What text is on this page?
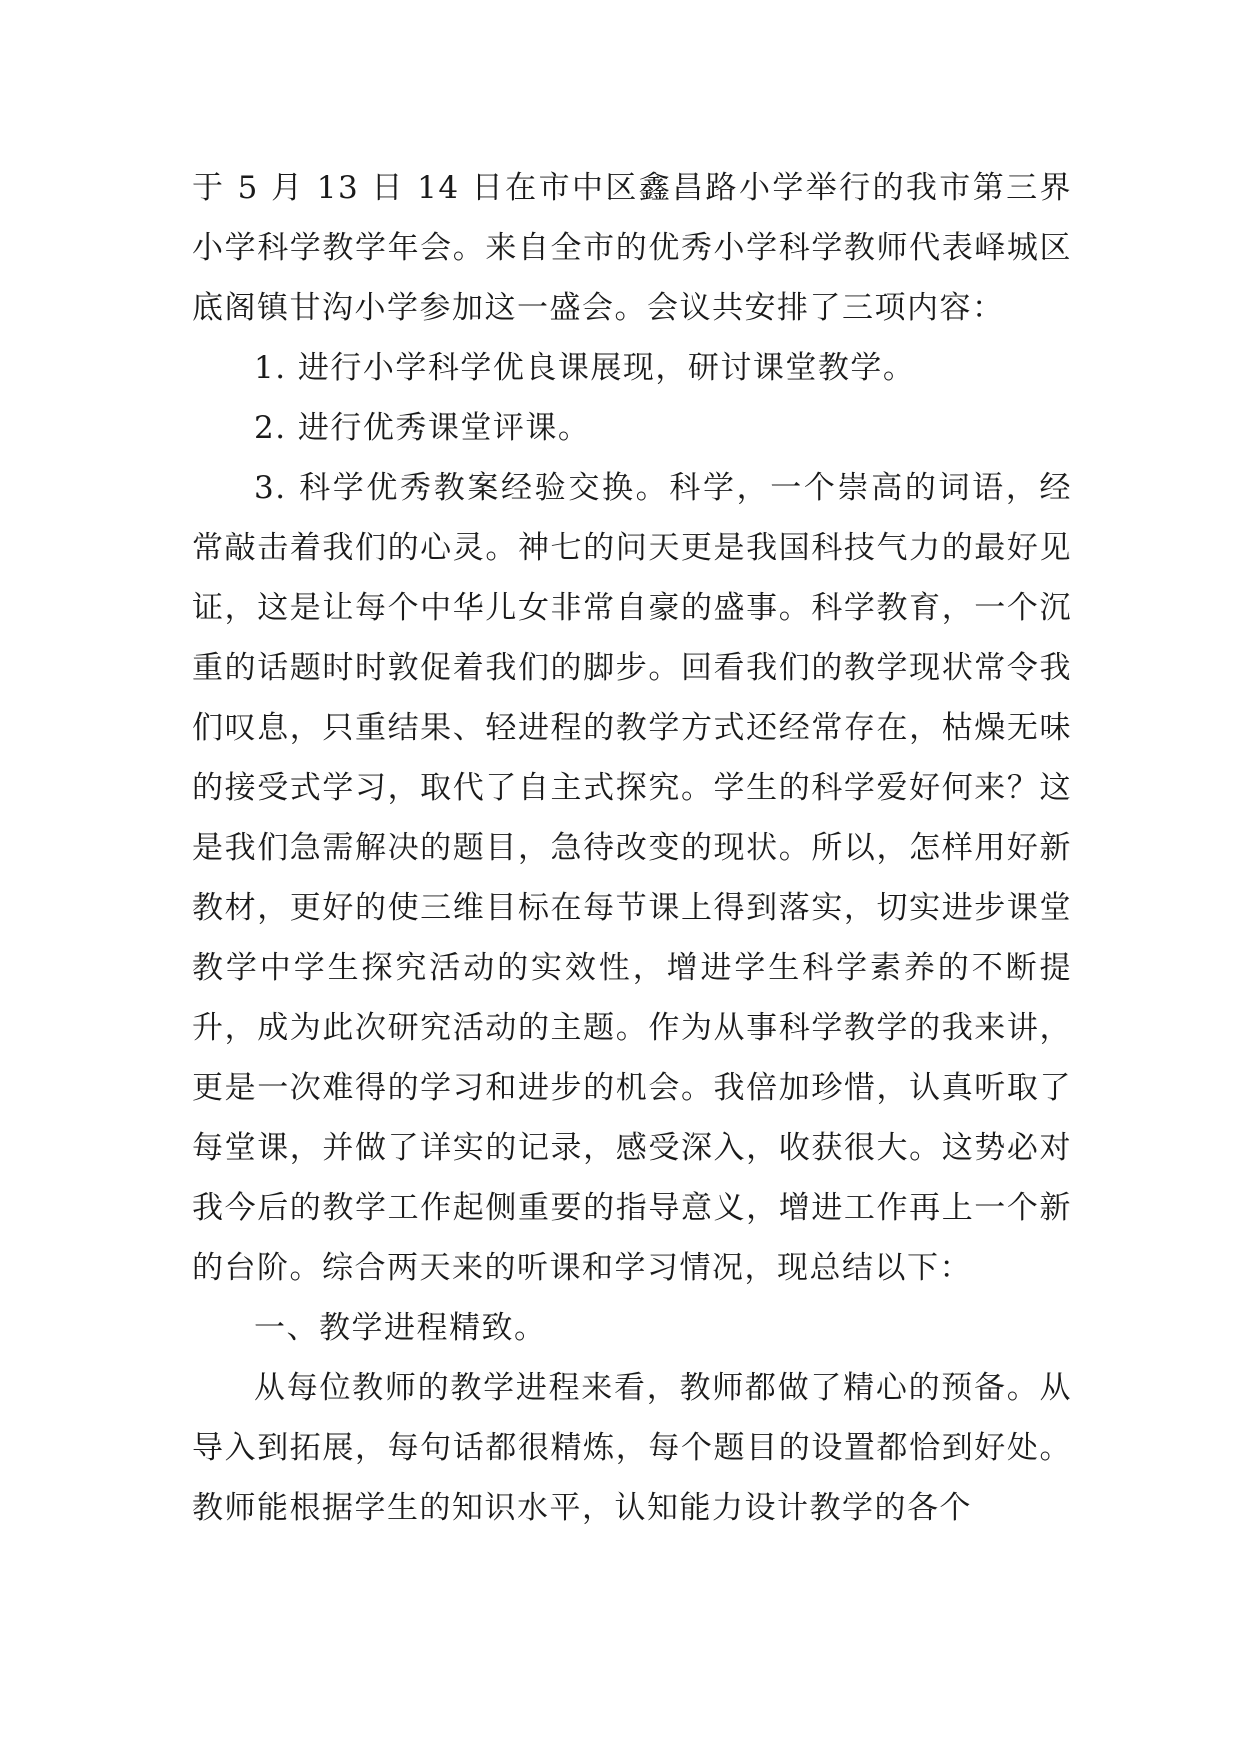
于 5 月 13 日 14 日在市中区鑫昌路小学举行的我市第三界小学科学教学年会。来自全市的优秀小学科学教师代表峄城区底阁镇甘沟小学参加这一盛会。会议共安排了三项内容：

1. 进行小学科学优良课展现，研讨课堂教学。

2. 进行优秀课堂评课。

3. 科学优秀教案经验交换。科学，一个崇高的词语，经常敲击着我们的心灵。神七的问天更是我国科技气力的最好见证，这是让每个中华儿女非常自豪的盛事。科学教育，一个沉重的话题时时敦促着我们的脚步。回看我们的教学现状常令我们叹息，只重结果、轻进程的教学方式还经常存在，枯燥无味的接受式学习，取代了自主式探究。学生的科学爱好何来？这是我们急需解决的题目，急待改变的现状。所以，怎样用好新教材，更好的使三维目标在每节课上得到落实，切实进步课堂教学中学生探究活动的实效性，增进学生科学素养的不断提升，成为此次研究活动的主题。作为从事科学教学的我来讲，更是一次难得的学习和进步的机会。我倍加珍惜，认真听取了每堂课，并做了详实的记录，感受深入，收获很大。这势必对我今后的教学工作起侧重要的指导意义，增进工作再上一个新的台阶。综合两天来的听课和学习情况，现总结以下：

一、教学进程精致。

从每位教师的教学进程来看，教师都做了精心的预备。从导入到拓展，每句话都很精炼，每个题目的设置都恰到好处。教师能根据学生的知识水平，认知能力设计教学的各个
